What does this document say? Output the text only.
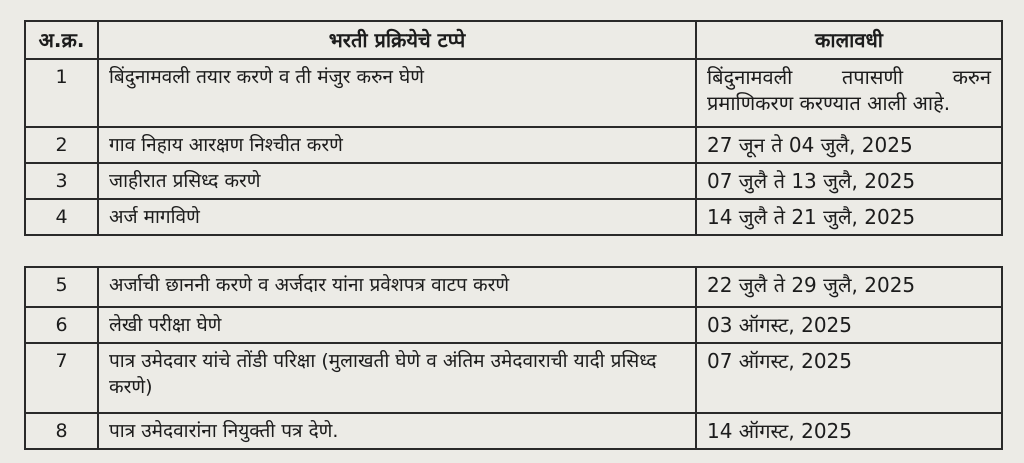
अ.क्र.	भरती प्रक्रियेचे टप्पे	कालावधी
1	बिंदुनामवली तयार करणे व ती मंजुर करुन घेणे	बिंदुनामवली तपासणी करुन प्रमाणिकरण करण्यात आली आहे.
2	गाव निहाय आरक्षण निश्चीत करणे	27 जून ते 04 जुलै, 2025
3	जाहीरात प्रसिध्द करणे	07 जुलै ते 13 जुलै, 2025
4	अर्ज मागविणे	14 जुलै ते 21 जुलै, 2025
5	अर्जाची छाननी करणे व अर्जदार यांना प्रवेशपत्र वाटप करणे	22 जुलै ते 29 जुलै, 2025
6	लेखी परीक्षा घेणे	03 ऑगस्ट, 2025
7	पात्र उमेदवार यांचे तोंडी परिक्षा (मुलाखती घेणे व अंतिम उमेदवाराची यादी प्रसिध्द करणे)	07 ऑगस्ट, 2025
8	पात्र उमेदवारांना नियुक्ती पत्र देणे.	14 ऑगस्ट, 2025
